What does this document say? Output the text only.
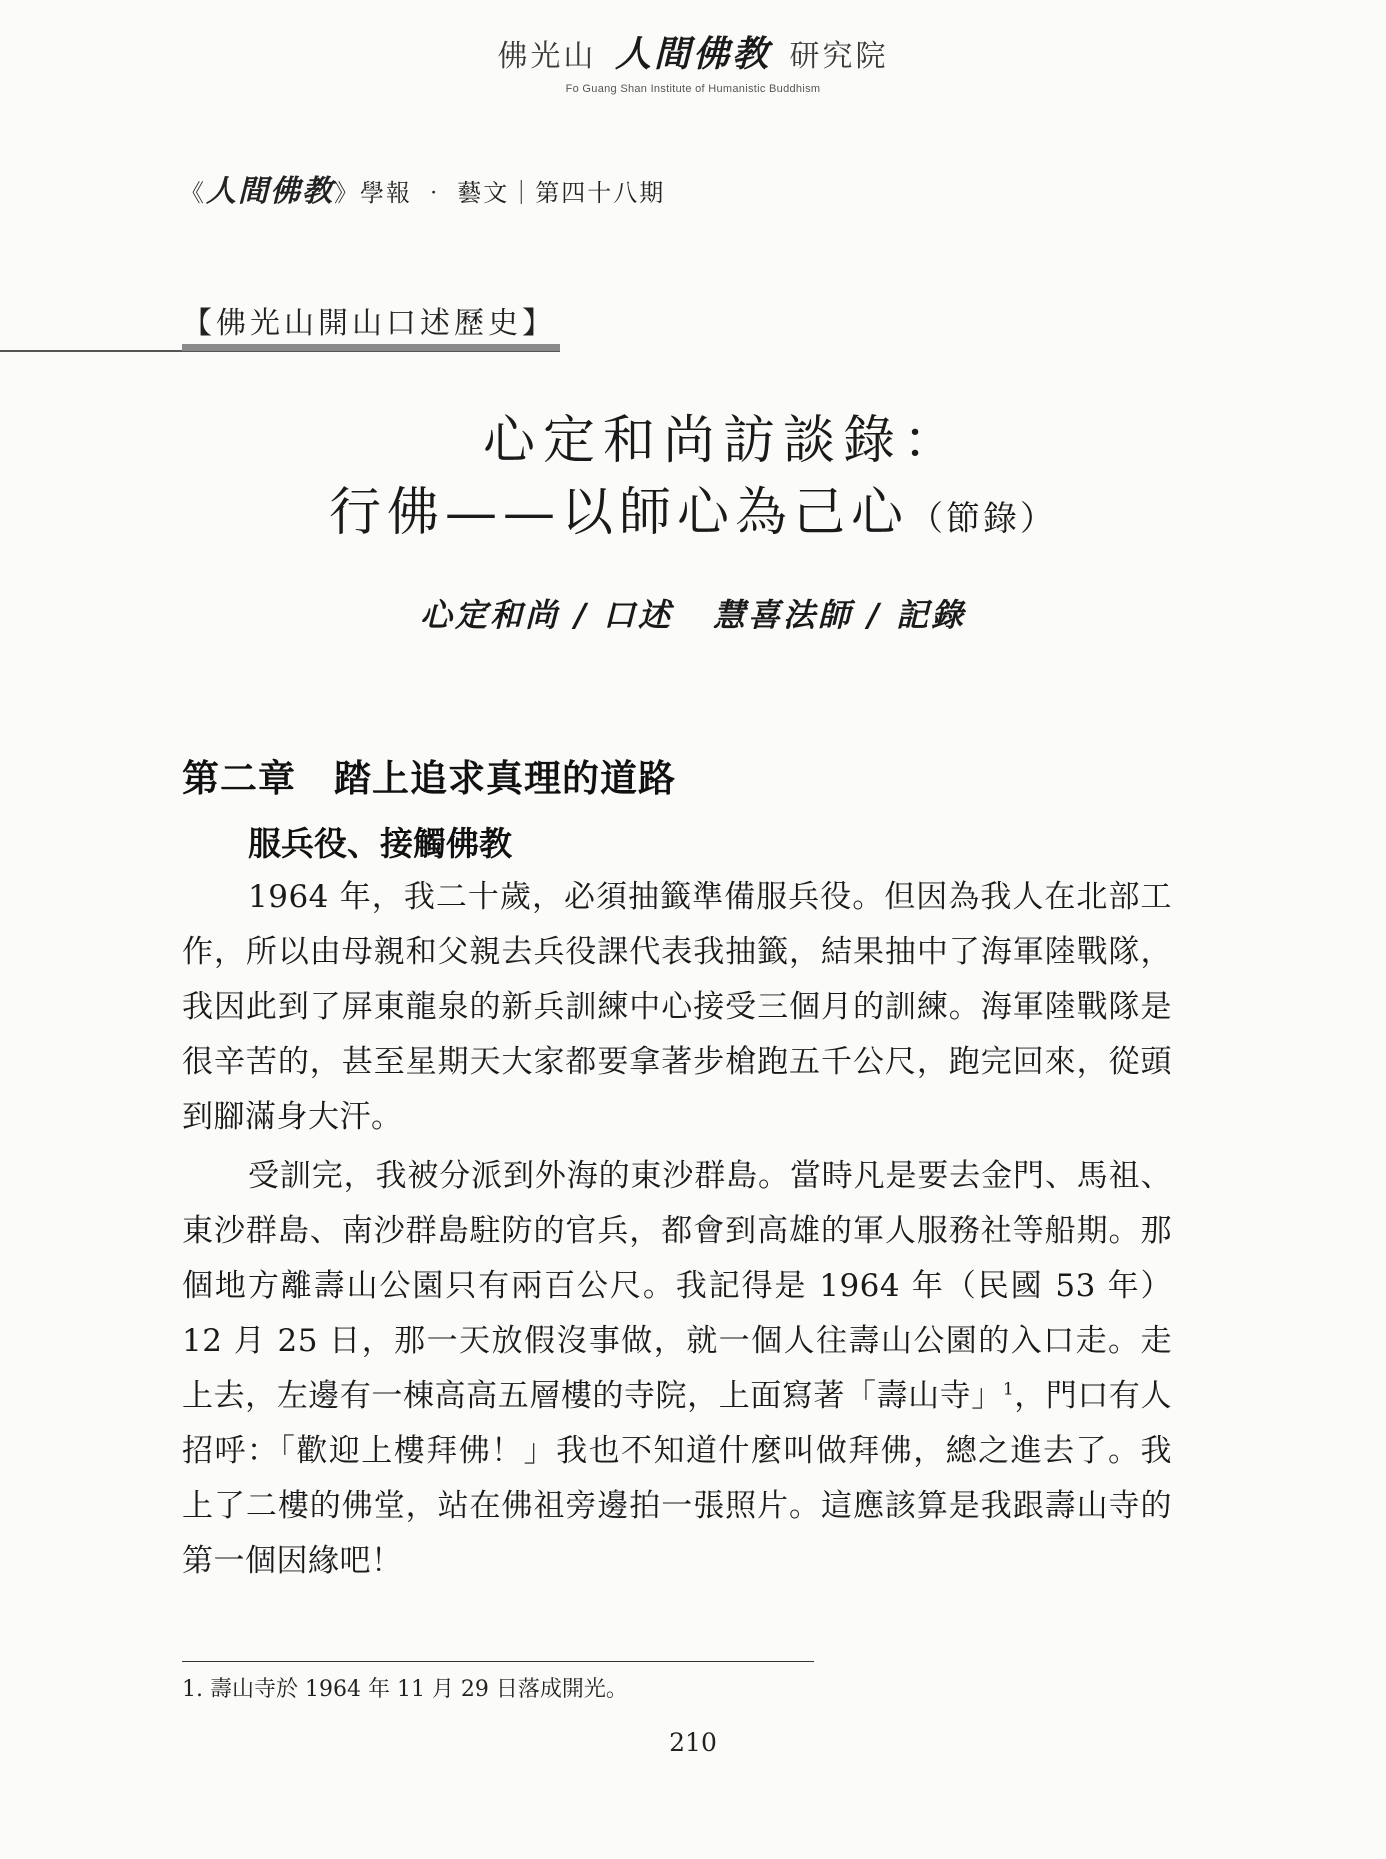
佛光山 人間佛教 研究院
Fo Guang Shan Institute of Humanistic Buddhism
《人間佛教》學報 ‧ 藝文｜第四十八期
【佛光山開山口述歷史】
心定和尚訪談錄：
行佛——以師心為己心（節錄）
心定和尚 / 口述 慧喜法師 / 記錄
第二章 踏上追求真理的道路
服兵役、接觸佛教

1964 年，我二十歲，必須抽籤準備服兵役。但因為我人在北部工作，所以由母親和父親去兵役課代表我抽籤，結果抽中了海軍陸戰隊，我因此到了屏東龍泉的新兵訓練中心接受三個月的訓練。海軍陸戰隊是很辛苦的，甚至星期天大家都要拿著步槍跑五千公尺，跑完回來，從頭到腳滿身大汗。

受訓完，我被分派到外海的東沙群島。當時凡是要去金門、馬祖、東沙群島、南沙群島駐防的官兵，都會到高雄的軍人服務社等船期。那個地方離壽山公園只有兩百公尺。我記得是 1964 年（民國 53 年）12 月 25 日，那一天放假沒事做，就一個人往壽山公園的入口走。走上去，左邊有一棟高高五層樓的寺院，上面寫著「壽山寺」$^1$，門口有人招呼：「歡迎上樓拜佛！」我也不知道什麼叫做拜佛，總之進去了。我上了二樓的佛堂，站在佛祖旁邊拍一張照片。這應該算是我跟壽山寺的第一個因緣吧！

1. 壽山寺於 1964 年 11 月 29 日落成開光。
210
